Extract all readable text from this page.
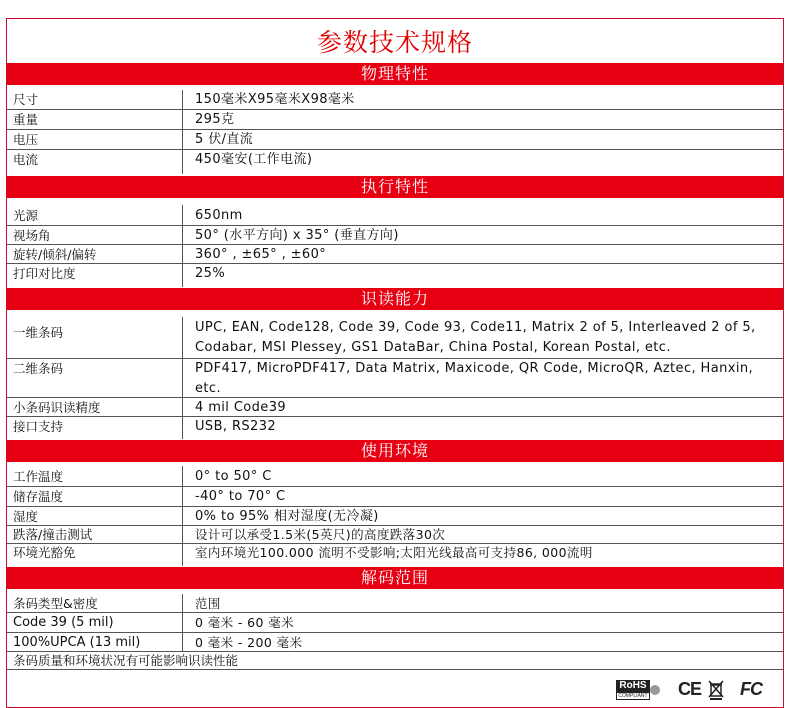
参数技术规格
物理特性
尺寸	150毫米X95毫米X98毫米
重量	295克
电压	5 伏/直流
电流	450毫安(工作电流)
执行特性
光源	650nm
视场角	50° (水平方向) x 35° (垂直方向)
旋转/倾斜/偏转	360° , ±65° , ±60°
打印对比度	25%
识读能力
一维条码	UPC, EAN, Code128, Code 39, Code 93, Code11, Matrix 2 of 5, Interleaved 2 of 5, Codabar, MSI Plessey, GS1 DataBar, China Postal, Korean Postal, etc.
二维条码	PDF417, MicroPDF417, Data Matrix, Maxicode, QR Code, MicroQR, Aztec, Hanxin, etc.
小条码识读精度	4 mil Code39
接口支持	USB, RS232
使用环境
工作温度	0° to 50° C
储存温度	-40° to 70° C
湿度	0% to 95% 相对湿度(无冷凝)
跌落/撞击测试	设计可以承受1.5米(5英尺)的高度跌落30次
环境光豁免	室内环境光100.000 流明不受影响;太阳光线最高可支持86, 000流明
解码范围
条码类型&密度	范围
Code 39 (5 mil)	0 毫米 - 60 毫米
100%UPCA (13 mil)	0 毫米 - 200 毫米
条码质量和环境状况有可能影响识读性能
RoHS
COMPLIANT CE FC
